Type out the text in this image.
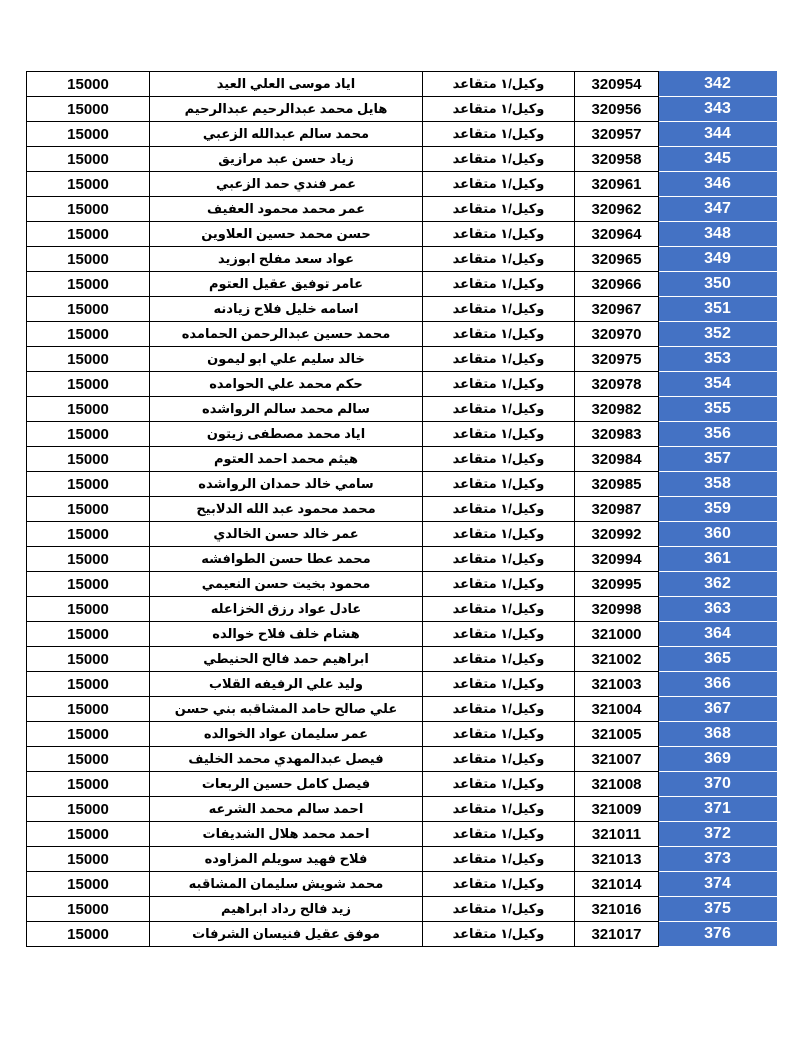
15000	اياد موسى العلي العيد	وكيل/١ متقاعد	320954	342
15000	هايل محمد عبدالرحيم عبدالرحيم	وكيل/١ متقاعد	320956	343
15000	محمد سالم عبدالله الزعبي	وكيل/١ متقاعد	320957	344
15000	زياد حسن عبد مرازيق	وكيل/١ متقاعد	320958	345
15000	عمر فندي حمد الزعبي	وكيل/١ متقاعد	320961	346
15000	عمر محمد محمود العفيف	وكيل/١ متقاعد	320962	347
15000	حسن محمد حسين العلاوين	وكيل/١ متقاعد	320964	348
15000	عواد سعد مفلح ابوزيد	وكيل/١ متقاعد	320965	349
15000	عامر توفيق عقيل العتوم	وكيل/١ متقاعد	320966	350
15000	اسامه خليل فلاح زيادنه	وكيل/١ متقاعد	320967	351
15000	محمد حسين عبدالرحمن الحمامده	وكيل/١ متقاعد	320970	352
15000	خالد سليم علي ابو ليمون	وكيل/١ متقاعد	320975	353
15000	حكم محمد علي الحوامده	وكيل/١ متقاعد	320978	354
15000	سالم محمد سالم الرواشده	وكيل/١ متقاعد	320982	355
15000	اياد محمد مصطفى زيتون	وكيل/١ متقاعد	320983	356
15000	هيثم محمد احمد العتوم	وكيل/١ متقاعد	320984	357
15000	سامي خالد حمدان الرواشده	وكيل/١ متقاعد	320985	358
15000	محمد محمود عبد الله الدلابيح	وكيل/١ متقاعد	320987	359
15000	عمر خالد حسن الخالدي	وكيل/١ متقاعد	320992	360
15000	محمد عطا حسن الطوافشه	وكيل/١ متقاعد	320994	361
15000	محمود بخيت حسن النعيمي	وكيل/١ متقاعد	320995	362
15000	عادل عواد رزق الخزاعله	وكيل/١ متقاعد	320998	363
15000	هشام خلف فلاح خوالده	وكيل/١ متقاعد	321000	364
15000	ابراهيم حمد فالح الحنيطي	وكيل/١ متقاعد	321002	365
15000	وليد علي الرفيفه القلاب	وكيل/١ متقاعد	321003	366
15000	علي صالح حامد المشاقبه بني حسن	وكيل/١ متقاعد	321004	367
15000	عمر سليمان عواد الخوالده	وكيل/١ متقاعد	321005	368
15000	فيصل عبدالمهدي محمد الخليف	وكيل/١ متقاعد	321007	369
15000	فيصل كامل حسين الربعات	وكيل/١ متقاعد	321008	370
15000	احمد سالم محمد الشرعه	وكيل/١ متقاعد	321009	371
15000	احمد محمد هلال الشديفات	وكيل/١ متقاعد	321011	372
15000	فلاح فهيد سويلم المزاوده	وكيل/١ متقاعد	321013	373
15000	محمد شويش سليمان المشاقبه	وكيل/١ متقاعد	321014	374
15000	زيد فالح رداد ابراهيم	وكيل/١ متقاعد	321016	375
15000	موفق عقيل فنيسان الشرفات	وكيل/١ متقاعد	321017	376
